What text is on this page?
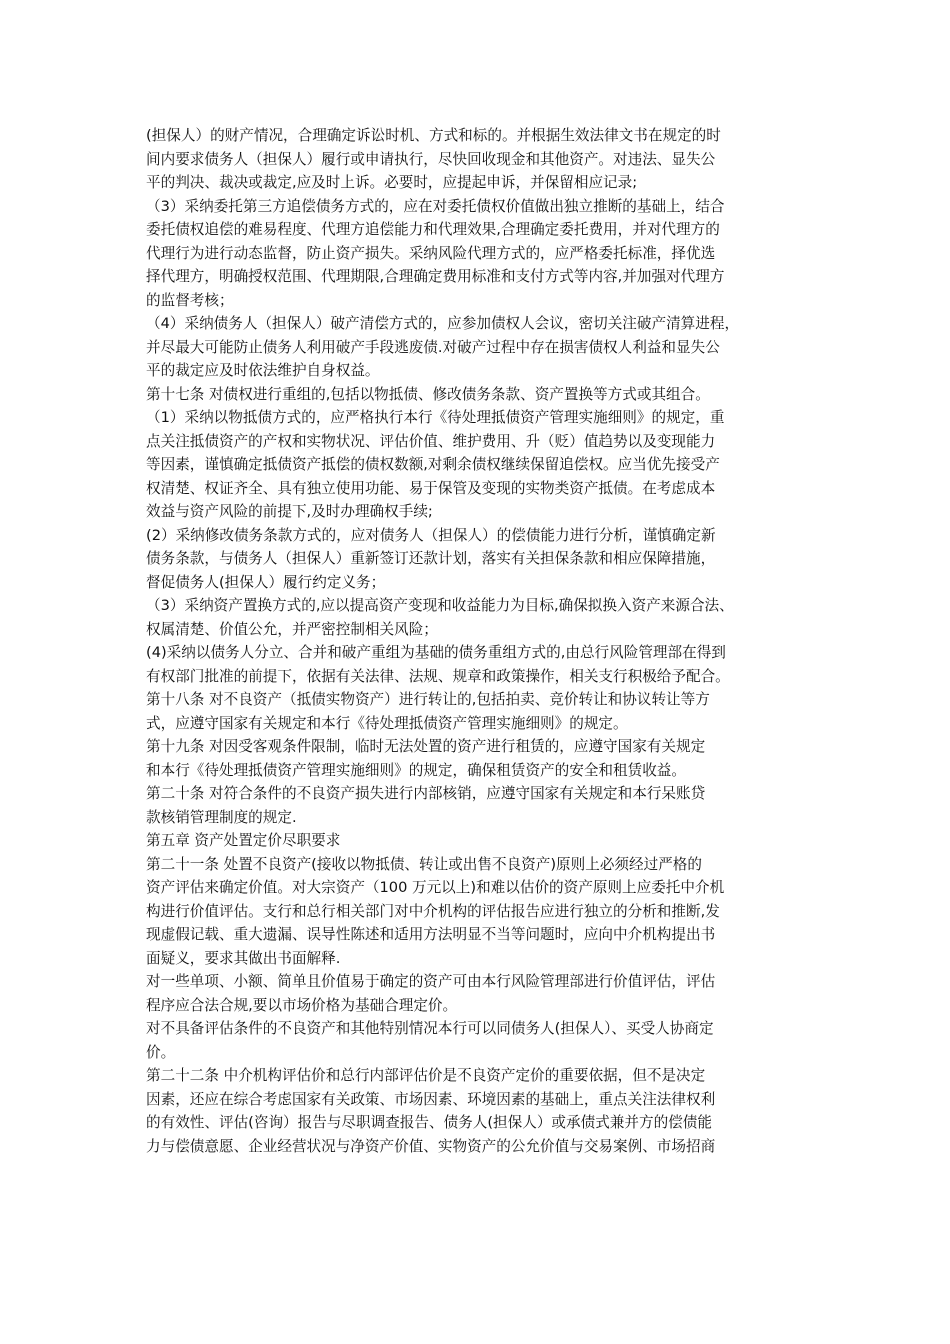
(担保人）的财产情况，合理确定诉讼时机、方式和标的。并根据生效法律文书在规定的时
间内要求债务人（担保人）履行或申请执行，尽快回收现金和其他资产。对违法、显失公
平的判决、裁决或裁定,应及时上诉。必要时，应提起申诉，并保留相应记录;
（3）采纳委托第三方追偿债务方式的，应在对委托债权价值做出独立推断的基础上，结合
委托债权追偿的难易程度、代理方追偿能力和代理效果,合理确定委托费用，并对代理方的
代理行为进行动态监督，防止资产损失。采纳风险代理方式的，应严格委托标准，择优选
择代理方，明确授权范围、代理期限,合理确定费用标准和支付方式等内容,并加强对代理方
的监督考核；
（4）采纳债务人（担保人）破产清偿方式的，应参加债权人会议，密切关注破产清算进程，
并尽最大可能防止债务人利用破产手段逃废债.对破产过程中存在损害债权人利益和显失公
平的裁定应及时依法维护自身权益。
第十七条 对债权进行重组的,包括以物抵债、修改债务条款、资产置换等方式或其组合。
（1）采纳以物抵债方式的，应严格执行本行《待处理抵债资产管理实施细则》的规定，重
点关注抵债资产的产权和实物状况、评估价值、维护费用、升（贬）值趋势以及变现能力
等因素，谨慎确定抵债资产抵偿的债权数额,对剩余债权继续保留追偿权。应当优先接受产
权清楚、权证齐全、具有独立使用功能、易于保管及变现的实物类资产抵债。在考虑成本
效益与资产风险的前提下,及时办理确权手续;
(2）采纳修改债务条款方式的，应对债务人（担保人）的偿债能力进行分析，谨慎确定新
债务条款，与债务人（担保人）重新签订还款计划，落实有关担保条款和相应保障措施，
督促债务人(担保人）履行约定义务；
（3）采纳资产置换方式的,应以提高资产变现和收益能力为目标,确保拟换入资产来源合法、
权属清楚、价值公允，并严密控制相关风险；
(4)采纳以债务人分立、合并和破产重组为基础的债务重组方式的,由总行风险管理部在得到
有权部门批准的前提下，依据有关法律、法规、规章和政策操作，相关支行积极给予配合。
第十八条 对不良资产（抵债实物资产）进行转让的,包括拍卖、竞价转让和协议转让等方
式，应遵守国家有关规定和本行《待处理抵债资产管理实施细则》的规定。
第十九条 对因受客观条件限制，临时无法处置的资产进行租赁的，应遵守国家有关规定
和本行《待处理抵债资产管理实施细则》的规定，确保租赁资产的安全和租赁收益。
第二十条 对符合条件的不良资产损失进行内部核销，应遵守国家有关规定和本行呆账贷
款核销管理制度的规定.
第五章 资产处置定价尽职要求
第二十一条 处置不良资产(接收以物抵债、转让或出售不良资产)原则上必须经过严格的
资产评估来确定价值。对大宗资产（100 万元以上)和难以估价的资产原则上应委托中介机
构进行价值评估。支行和总行相关部门对中介机构的评估报告应进行独立的分析和推断,发
现虚假记载、重大遗漏、误导性陈述和适用方法明显不当等问题时，应向中介机构提出书
面疑义，要求其做出书面解释.
对一些单项、小额、简单且价值易于确定的资产可由本行风险管理部进行价值评估，评估
程序应合法合规,要以市场价格为基础合理定价。
对不具备评估条件的不良资产和其他特别情况本行可以同债务人(担保人）、买受人协商定
价。
第二十二条 中介机构评估价和总行内部评估价是不良资产定价的重要依据，但不是决定
因素，还应在综合考虑国家有关政策、市场因素、环境因素的基础上，重点关注法律权利
的有效性、评估(咨询）报告与尽职调查报告、债务人(担保人）或承债式兼并方的偿债能
力与偿债意愿、企业经营状况与净资产价值、实物资产的公允价值与交易案例、市场招商
